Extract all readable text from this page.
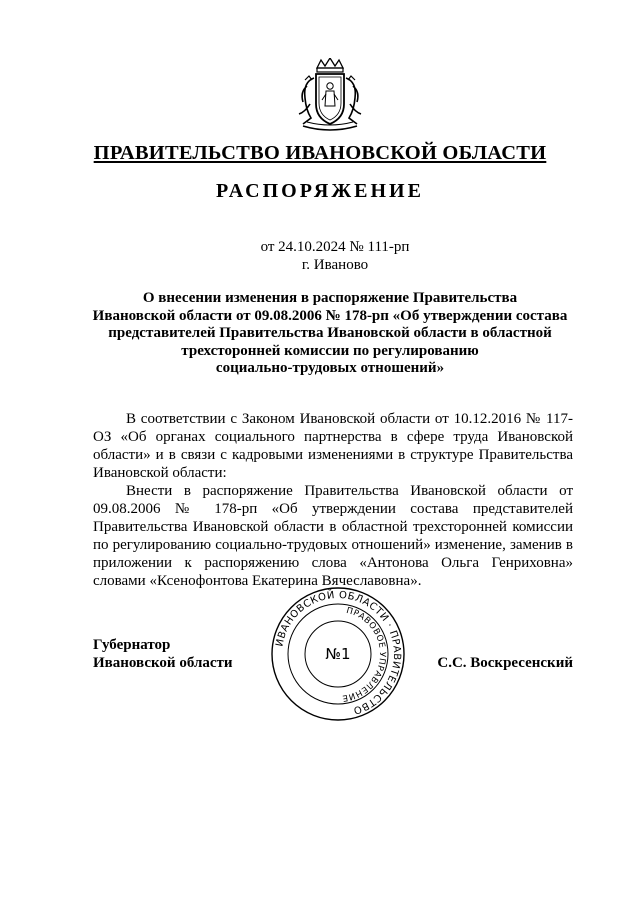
ПРАВИТЕЛЬСТВО ИВАНОВСКОЙ ОБЛАСТИ
РАСПОРЯЖЕНИЕ
от 24.10.2024 № 111-рп
г. Иваново
О внесении изменения в распоряжение Правительства
Ивановской области от 09.08.2006 № 178-рп «Об утверждении состава
представителей Правительства Ивановской области в областной
трехсторонней комиссии по регулированию
социально-трудовых отношений»

В соответствии с Законом Ивановской области от 10.12.2016 № 117-ОЗ «Об органах социального партнерства в сфере труда Ивановской области» и в связи с кадровыми изменениями в структуре Правительства Ивановской области:

Внести в распоряжение Правительства Ивановской области от 09.08.2006 № 178-рп «Об утверждении состава представителей Правительства Ивановской области в областной трехсторонней комиссии по регулированию социально-трудовых отношений» изменение, заменив в приложении к распоряжению слова «Антонова Ольга Генриховна» словами «Ксенофонтова Екатерина Вячеславовна».

Губернатор
Ивановской области
ИВАНОВСКОЙ ОБЛАСТИ · ПРАВИТЕЛЬСТВО
ПРАВОВОЕ УПРАВЛЕНИЕ
№1	С.С. Воскресенский
